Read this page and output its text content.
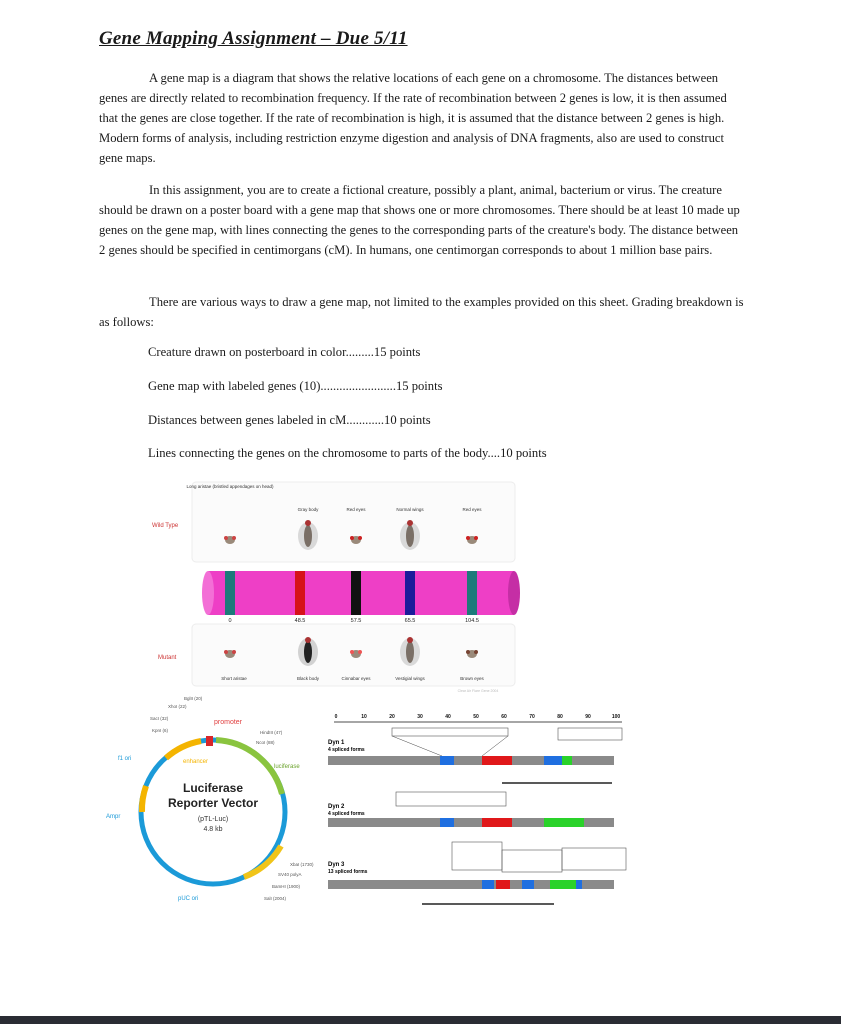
Gene Mapping Assignment – Due 5/11
A gene map is a diagram that shows the relative locations of each gene on a chromosome. The distances between genes are directly related to recombination frequency. If the rate of recombination between 2 genes is low, it is then assumed that the genes are close together. If the rate of recombination is high, it is assumed that the distance between 2 genes is high. Modern forms of analysis, including restriction enzyme digestion and analysis of DNA fragments, also are used to construct gene maps.
In this assignment, you are to create a fictional creature, possibly a plant, animal, bacterium or virus. The creature should be drawn on a poster board with a gene map that shows one or more chromosomes. There should be at least 10 made up genes on the gene map, with lines connecting the genes to the corresponding parts of the creature's body. The distance between 2 genes should be specified in centimorgans (cM). In humans, one centimorgan corresponds to about 1 million base pairs.
There are various ways to draw a gene map, not limited to the examples provided on this sheet. Grading breakdown is as follows:
Creature drawn on posterboard in color.........15 points
Gene map with labeled genes (10)........................15 points
Distances between genes labeled in cM............10 points
Lines connecting the genes on the chromosome to parts of the body....10 points
Wild Type
Mutant
Long aristae (bristled appendages on head)
Gray body	Red eyes	Normal wings	Red eyes
0	48.5	57.5	65.5	104.5
Short aristae	Black body	Cinnabar eyes	Vestigial wings	Brown eyes
Clear Air Flare Gene 2004
Luciferase
Reporter Vector
(pTL-Luc)
4.8 kb
promoter
enhancer
luciferase
f1 ori
Ampr
pUC ori
BglII (20)
XhoI (22)
SacI (32)
KpnI (6)	HindIII (47)
NcoI (88)
XbaI (1730)
SV40 polyA
BamHI (1900)
SalI (2004)
0	10	20	30	40	50	60	70	80	90	100
Dyn 1
4 spliced forms
Dyn 2
4 spliced forms
Dyn 3
13 spliced forms
